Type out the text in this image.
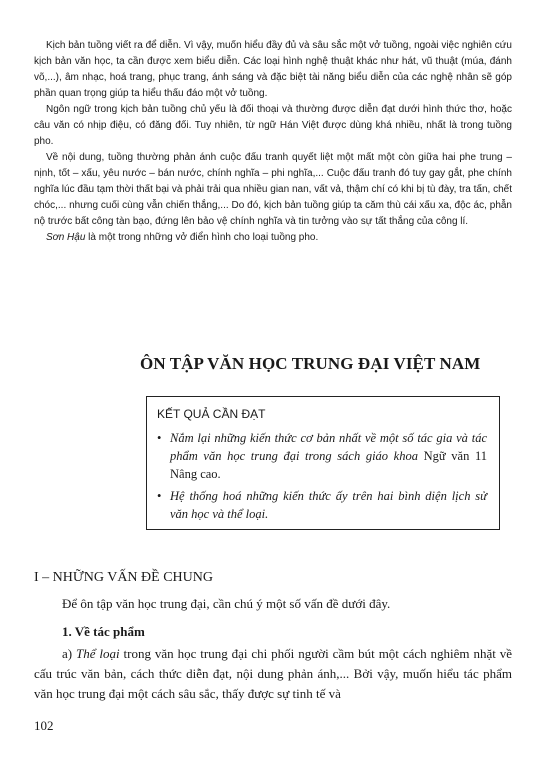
Kịch bản tuồng viết ra để diễn. Vì vậy, muốn hiểu đầy đủ và sâu sắc một vở tuồng, ngoài việc nghiên cứu kịch bản văn học, ta cần được xem biểu diễn. Các loại hình nghệ thuật khác như hát, vũ thuật (múa, đánh võ,...), âm nhạc, hoá trang, phục trang, ánh sáng và đặc biệt tài năng biểu diễn của các nghệ nhân sẽ góp phần quan trọng giúp ta hiểu thấu đáo một vở tuồng.

Ngôn ngữ trong kịch bản tuồng chủ yếu là đối thoại và thường được diễn đạt dưới hình thức thơ, hoặc câu văn có nhịp điệu, có đăng đối. Tuy nhiên, từ ngữ Hán Việt được dùng khá nhiều, nhất là trong tuồng pho.

Về nội dung, tuồng thường phản ánh cuộc đấu tranh quyết liệt một mất một còn giữa hai phe trung – nịnh, tốt – xấu, yêu nước – bán nước, chính nghĩa – phi nghĩa,... Cuộc đấu tranh đó tuy gay gắt, phe chính nghĩa lúc đầu tạm thời thất bại và phải trải qua nhiều gian nan, vất vả, thậm chí có khi bị tù đày, tra tấn, chết chóc,... nhưng cuối cùng vẫn chiến thắng,... Do đó, kịch bản tuồng giúp ta căm thù cái xấu xa, độc ác, phẫn nộ trước bất công tàn bạo, đứng lên bảo vệ chính nghĩa và tin tưởng vào sự tất thắng của công lí.

Sơn Hậu là một trong những vở điển hình cho loại tuồng pho.

ÔN TẬP VĂN HỌC TRUNG ĐẠI VIỆT NAM
KẾT QUẢ CẦN ĐẠT
• Nắm lại những kiến thức cơ bản nhất về một số tác gia và tác phẩm văn học trung đại trong sách giáo khoa Ngữ văn 11 Nâng cao.
• Hệ thống hoá những kiến thức ấy trên hai bình diện lịch sử văn học và thể loại.
I – NHỮNG VẤN ĐỀ CHUNG

Để ôn tập văn học trung đại, cần chú ý một số vấn đề dưới đây.

1. Về tác phẩm

a) Thể loại trong văn học trung đại chi phối người cầm bút một cách nghiêm nhặt về cấu trúc văn bản, cách thức diễn đạt, nội dung phản ánh,... Bởi vậy, muốn hiểu tác phẩm văn học trung đại một cách sâu sắc, thấy được sự tinh tế và

102
